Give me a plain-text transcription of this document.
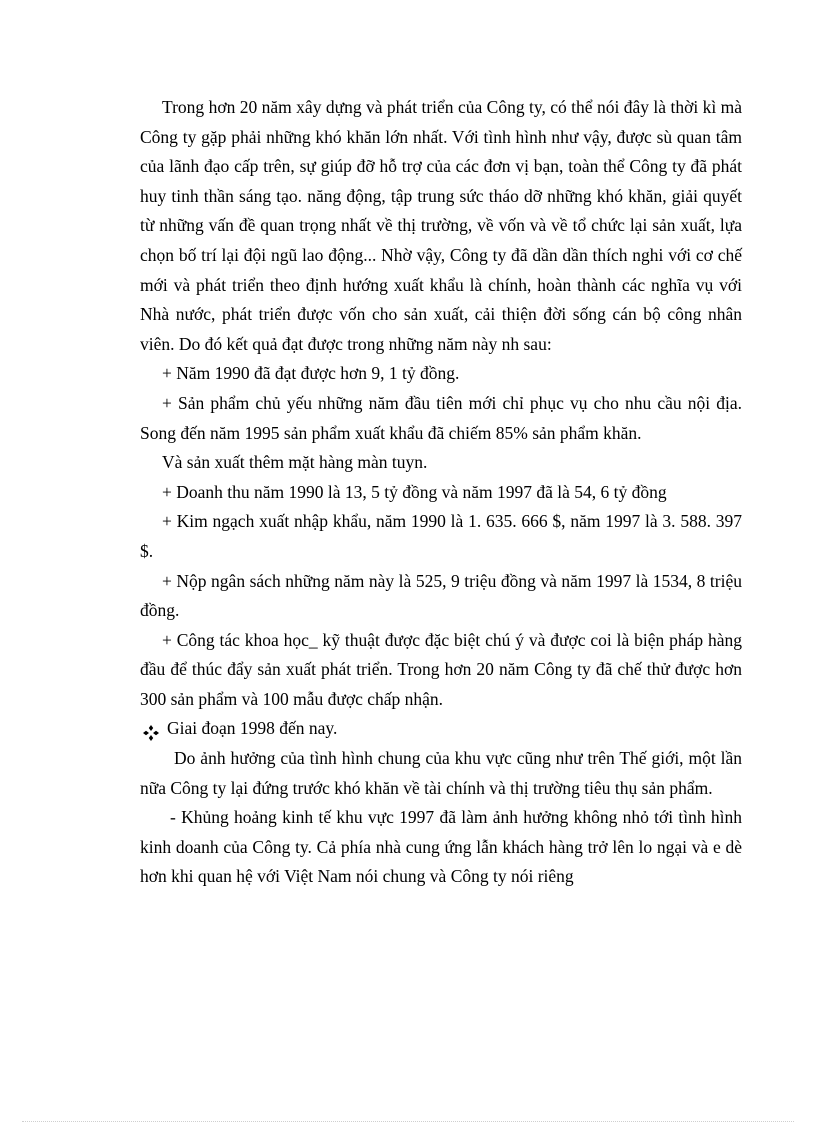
Trong hơn 20 năm xây dựng và phát triển của Công ty, có thể nói đây là thời kì mà Công ty gặp phải những khó khăn lớn nhất. Với tình hình như vậy, được sù quan tâm của lãnh đạo cấp trên, sự giúp đỡ hỗ trợ của các đơn vị bạn, toàn thể Công ty đã phát huy tinh thần sáng tạo. năng động, tập trung sức tháo dỡ những khó khăn, giải quyết từ những vấn đề quan trọng nhất về thị trường, về vốn và về tổ chức lại sản xuất, lựa chọn bố trí lại đội ngũ lao động... Nhờ vậy, Công ty đã dần dần thích nghi với cơ chế mới và phát triển theo định hướng xuất khẩu là chính, hoàn thành các nghĩa vụ với Nhà nước, phát triển được vốn cho sản xuất, cải thiện đời sống cán bộ công nhân viên. Do đó kết quả đạt được trong những năm này nh sau:

+ Năm 1990 đã đạt được hơn 9, 1 tỷ đồng.

+ Sản phẩm chủ yếu những năm đầu tiên mới chỉ phục vụ cho nhu cầu nội địa. Song đến năm 1995 sản phẩm xuất khẩu đã chiếm 85% sản phẩm khăn.

Và sản xuất thêm mặt hàng màn tuyn.

+ Doanh thu năm 1990 là 13, 5 tỷ đồng và năm 1997 đã là 54, 6 tỷ đồng

+ Kim ngạch xuất nhập khẩu, năm 1990 là 1. 635. 666 $, năm 1997 là 3. 588. 397 $.

+ Nộp ngân sách những năm này là 525, 9 triệu đồng và năm 1997 là 1534, 8 triệu đồng.

+ Công tác khoa học_ kỹ thuật được đặc biệt chú ý và được coi là biện pháp hàng đầu để thúc đẩy sản xuất phát triển. Trong hơn 20 năm Công ty đã chế thử được hơn 300 sản phẩm và 100 mẫu được chấp nhận.

Giai đoạn 1998 đến nay.

Do ảnh hưởng của tình hình chung của khu vực cũng như trên Thế giới, một lần nữa Công ty lại đứng trước khó khăn về tài chính và thị trường tiêu thụ sản phẩm.

- Khủng hoảng kinh tế khu vực 1997 đã làm ảnh hưởng không nhỏ tới tình hình kinh doanh của Công ty. Cả phía nhà cung ứng lẫn khách hàng trở lên lo ngại và e dè hơn khi quan hệ với Việt Nam nói chung và Công ty nói riêng
